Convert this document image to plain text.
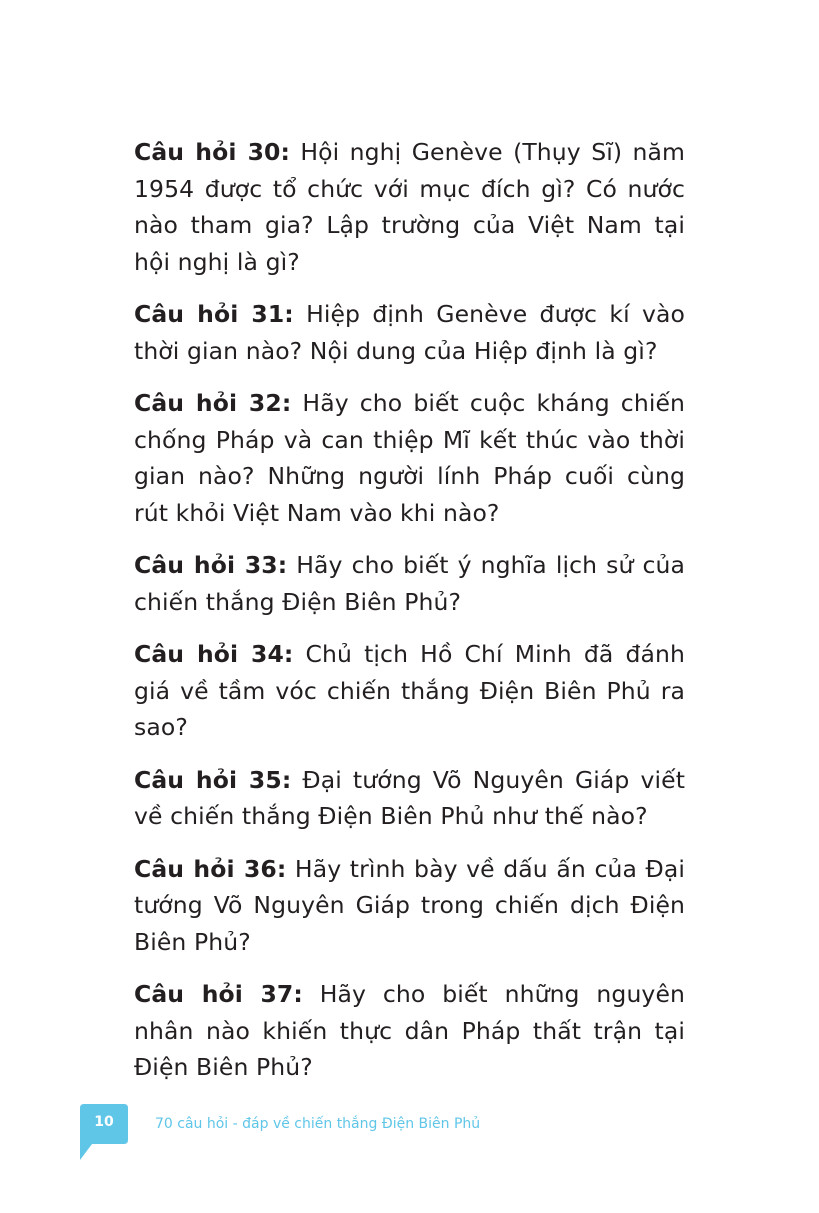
Câu hỏi 30: Hội nghị Genève (Thụy Sĩ) năm 1954 được tổ chức với mục đích gì? Có nước nào tham gia? Lập trường của Việt Nam tại hội nghị là gì?

Câu hỏi 31: Hiệp định Genève được kí vào thời gian nào? Nội dung của Hiệp định là gì?

Câu hỏi 32: Hãy cho biết cuộc kháng chiến chống Pháp và can thiệp Mĩ kết thúc vào thời gian nào? Những người lính Pháp cuối cùng rút khỏi Việt Nam vào khi nào?

Câu hỏi 33: Hãy cho biết ý nghĩa lịch sử của chiến thắng Điện Biên Phủ?

Câu hỏi 34: Chủ tịch Hồ Chí Minh đã đánh giá về tầm vóc chiến thắng Điện Biên Phủ ra sao?

Câu hỏi 35: Đại tướng Võ Nguyên Giáp viết về chiến thắng Điện Biên Phủ như thế nào?

Câu hỏi 36: Hãy trình bày về dấu ấn của Đại tướng Võ Nguyên Giáp trong chiến dịch Điện Biên Phủ?

Câu hỏi 37: Hãy cho biết những nguyên nhân nào khiến thực dân Pháp thất trận tại Điện Biên Phủ?

10	70 câu hỏi - đáp về chiến thắng Điện Biên Phủ
